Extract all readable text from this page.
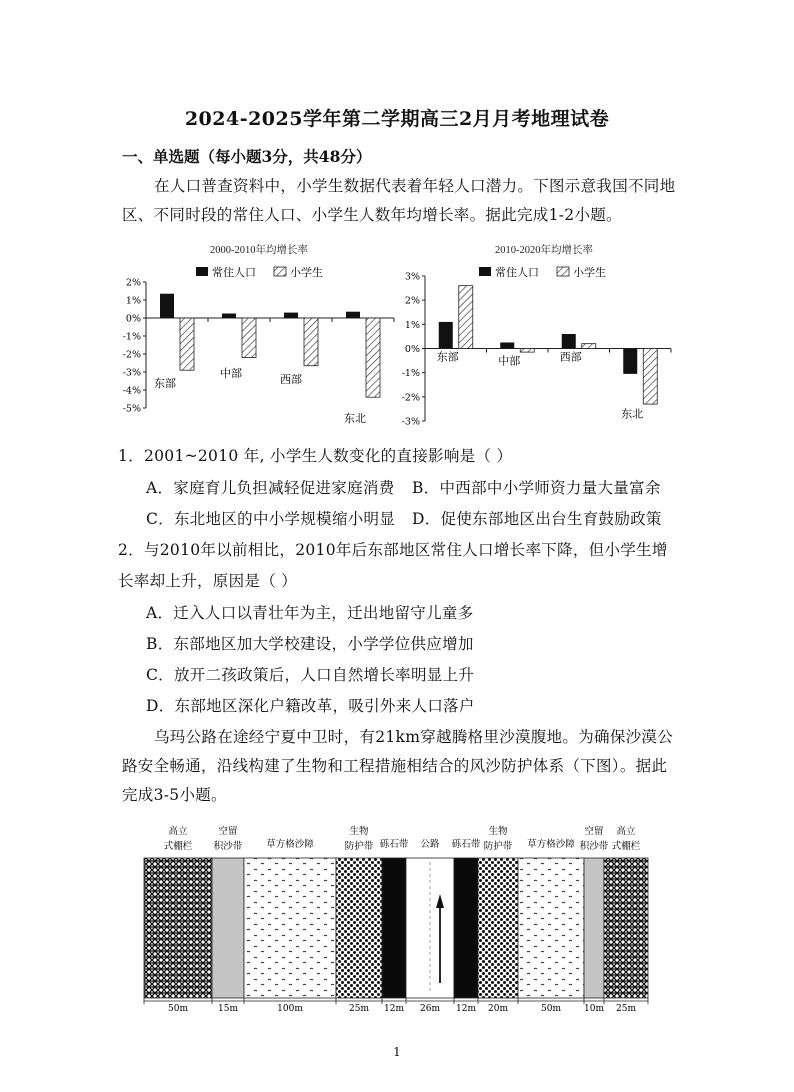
2024-2025学年第二学期高三2月月考地理试卷
一、单选题（每小题3分，共48分）
在人口普查资料中，小学生数据代表着年轻人口潜力。下图示意我国不同地区、不同时段的常住人口、小学生人数年均增长率。据此完成1-2小题。
2000-2010年均增长率
常住人口	小学生
2%
1%
0%
-1%
-2%
-3%
-4%
-5%
东部
中部	西部
东北
2010-2020年均增长率
常住人口	小学生
3%
2%
1%
0%
-1%
-2%
-3%
东部	中部	西部
东北
1．2001~2010 年, 小学生人数变化的直接影响是（ ）
A．家庭育儿负担减轻促进家庭消费 B．中西部中小学师资力量大量富余
C．东北地区的中小学规模缩小明显 D．促使东部地区出台生育鼓励政策
2．与2010年以前相比，2010年后东部地区常住人口增长率下降，但小学生增
长率却上升，原因是（ ）
A．迁入人口以青壮年为主，迁出地留守儿童多
B．东部地区加大学校建设，小学学位供应增加
C．放开二孩政策后，人口自然增长率明显上升
D．东部地区深化户籍改革，吸引外来人口落户
乌玛公路在途经宁夏中卫时，有21km穿越腾格里沙漠腹地。为确保沙漠公路安全畅通，沿线构建了生物和工程措施相结合的风沙防护体系（下图）。据此完成3-5小题。
高立
式棚栏
50m
空留
积沙带
15m
草方格沙障
100m
生物
防护带
25m
砾石带
12m
公路
26m
砾石带
12m
生物
防护带
20m
草方格沙障
50m
空留
积沙带
10m
高立
式棚栏
25m
1
